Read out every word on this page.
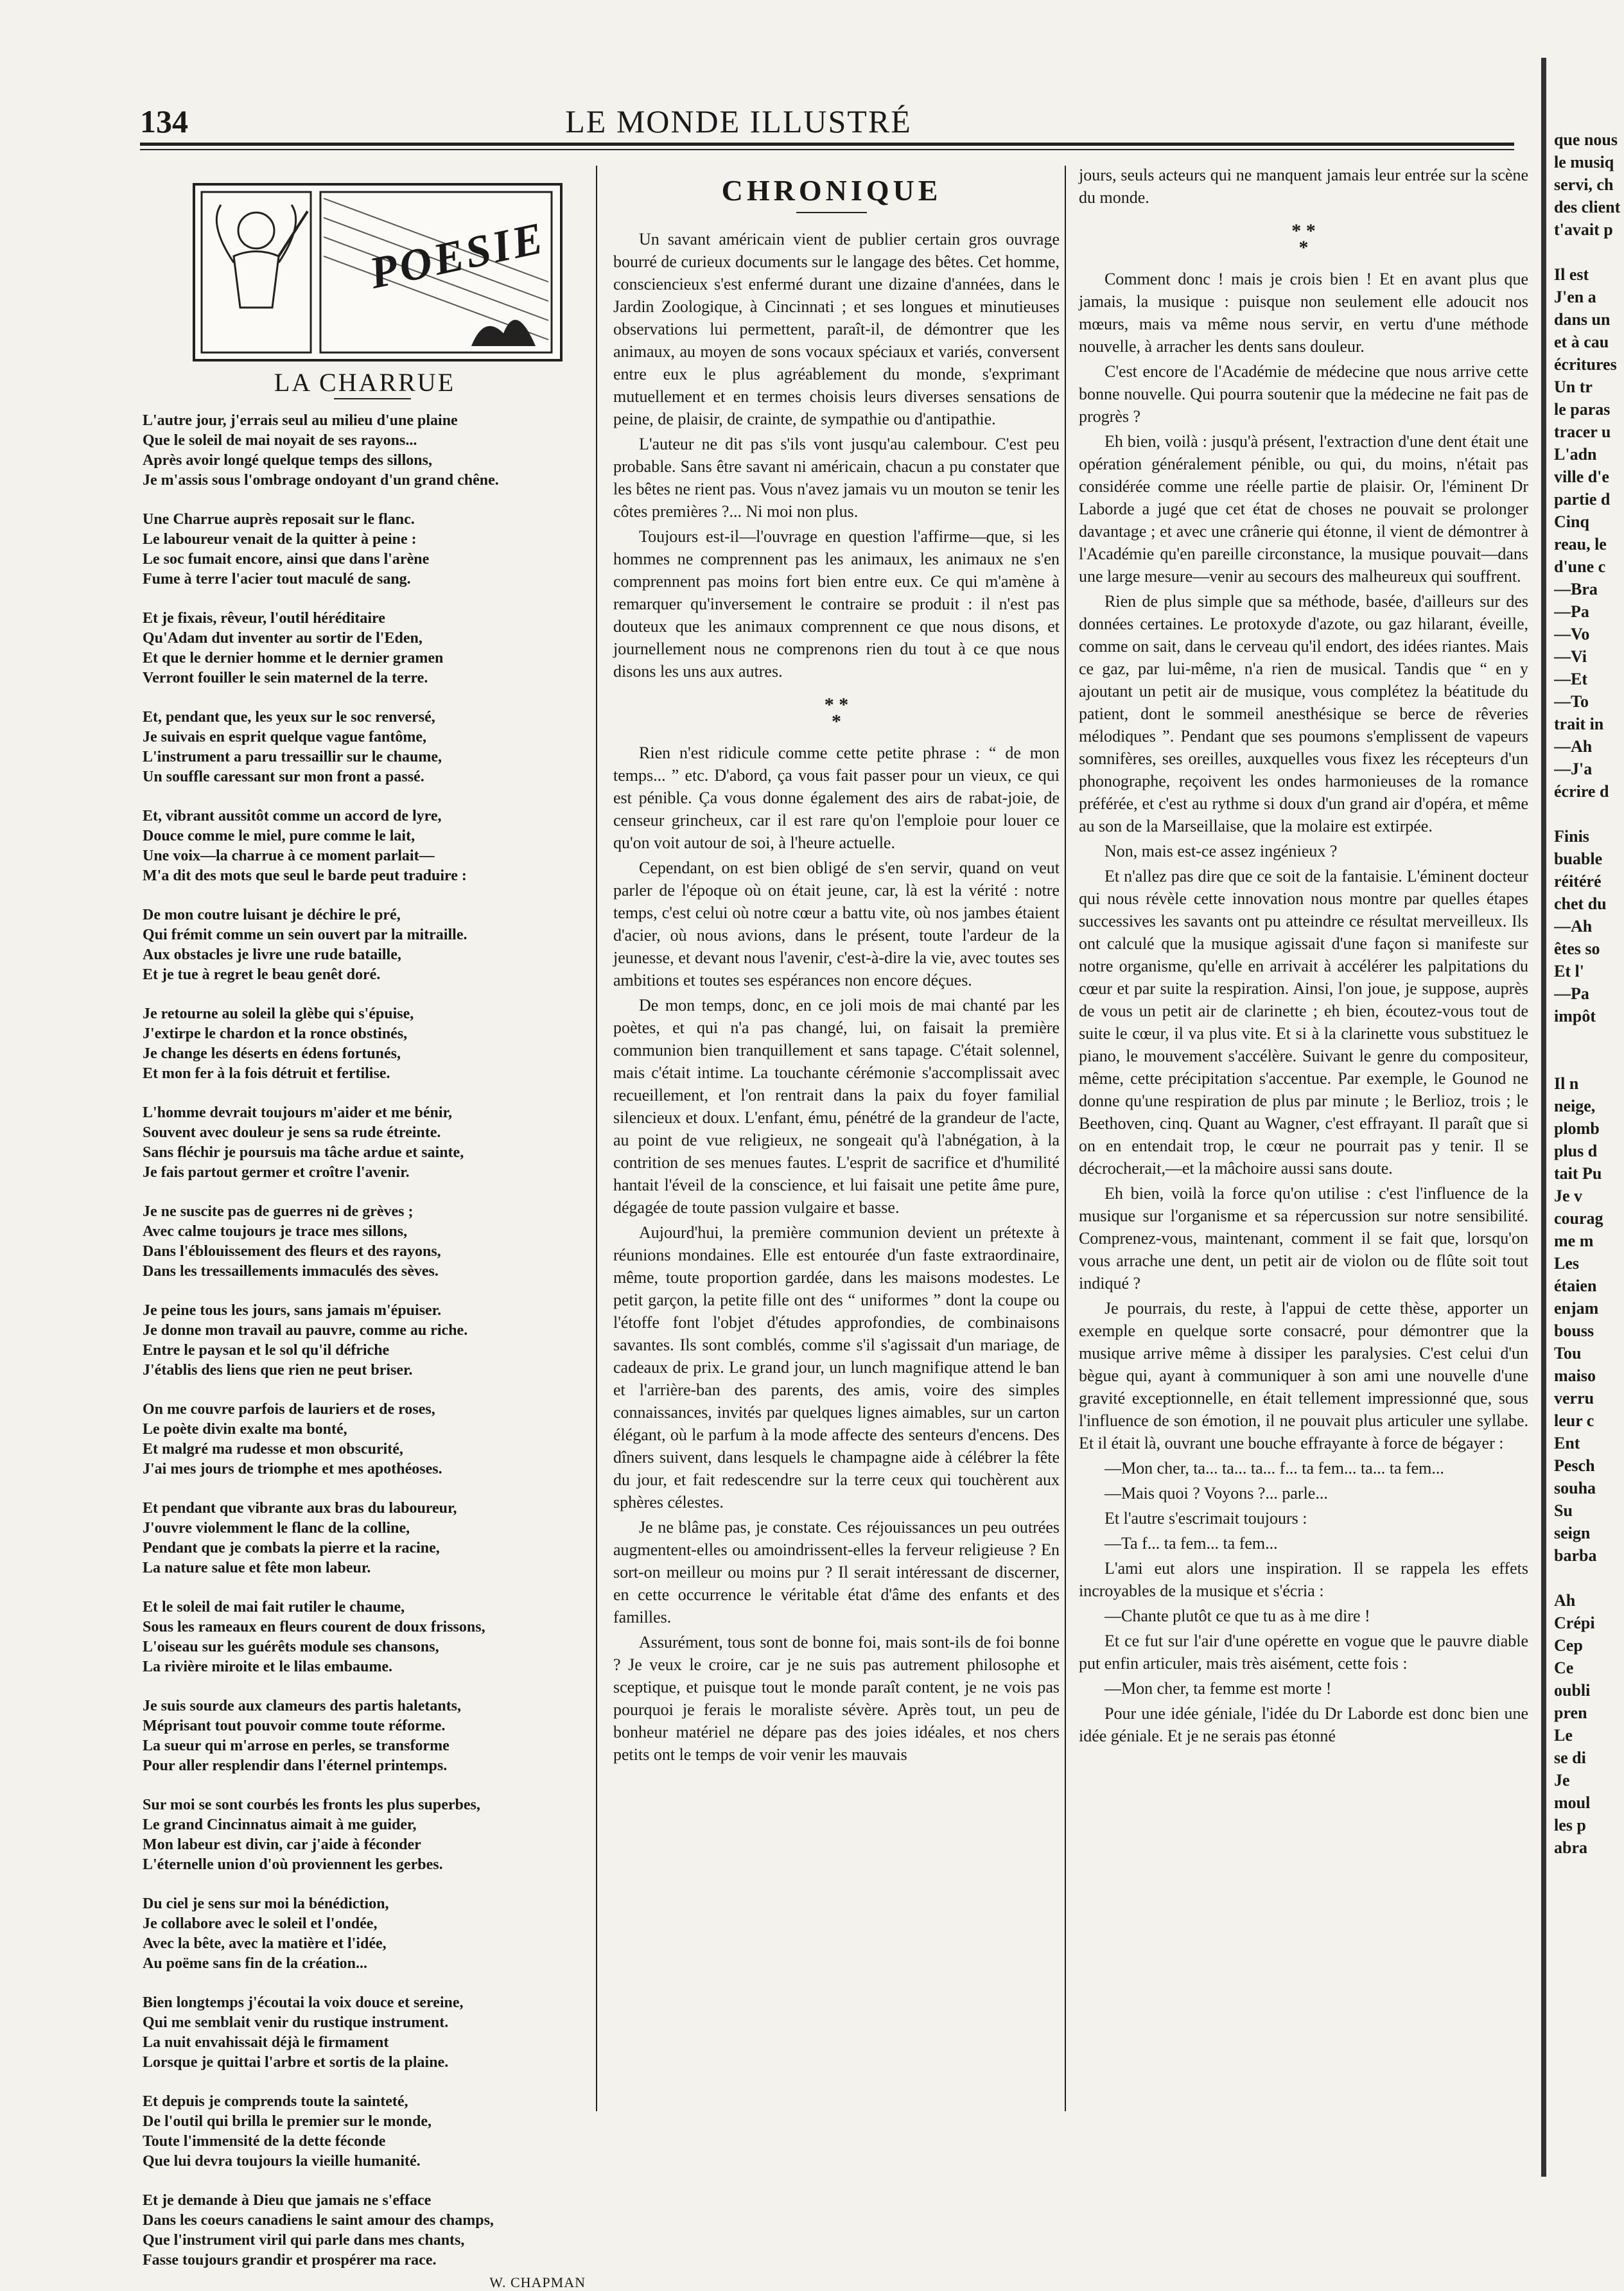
134	LE MONDE ILLUSTRÉ
POESIE
LA CHARRUE
L'autre jour, j'errais seul au milieu d'une plaine
Que le soleil de mai noyait de ses rayons...
Après avoir longé quelque temps des sillons,
Je m'assis sous l'ombrage ondoyant d'un grand chêne.
Une Charrue auprès reposait sur le flanc.
Le laboureur venait de la quitter à peine :
Le soc fumait encore, ainsi que dans l'arène
Fume à terre l'acier tout maculé de sang.
Et je fixais, rêveur, l'outil héréditaire
Qu'Adam dut inventer au sortir de l'Eden,
Et que le dernier homme et le dernier gramen
Verront fouiller le sein maternel de la terre.
Et, pendant que, les yeux sur le soc renversé,
Je suivais en esprit quelque vague fantôme,
L'instrument a paru tressaillir sur le chaume,
Un souffle caressant sur mon front a passé.
Et, vibrant aussitôt comme un accord de lyre,
Douce comme le miel, pure comme le lait,
Une voix—la charrue à ce moment parlait—
M'a dit des mots que seul le barde peut traduire :
De mon coutre luisant je déchire le pré,
Qui frémit comme un sein ouvert par la mitraille.
Aux obstacles je livre une rude bataille,
Et je tue à regret le beau genêt doré.
Je retourne au soleil la glèbe qui s'épuise,
J'extirpe le chardon et la ronce obstinés,
Je change les déserts en édens fortunés,
Et mon fer à la fois détruit et fertilise.
L'homme devrait toujours m'aider et me bénir,
Souvent avec douleur je sens sa rude étreinte.
Sans fléchir je poursuis ma tâche ardue et sainte,
Je fais partout germer et croître l'avenir.
Je ne suscite pas de guerres ni de grèves ;
Avec calme toujours je trace mes sillons,
Dans l'éblouissement des fleurs et des rayons,
Dans les tressaillements immaculés des sèves.
Je peine tous les jours, sans jamais m'épuiser.
Je donne mon travail au pauvre, comme au riche.
Entre le paysan et le sol qu'il défriche
J'établis des liens que rien ne peut briser.
On me couvre parfois de lauriers et de roses,
Le poète divin exalte ma bonté,
Et malgré ma rudesse et mon obscurité,
J'ai mes jours de triomphe et mes apothéoses.
Et pendant que vibrante aux bras du laboureur,
J'ouvre violemment le flanc de la colline,
Pendant que je combats la pierre et la racine,
La nature salue et fête mon labeur.
Et le soleil de mai fait rutiler le chaume,
Sous les rameaux en fleurs courent de doux frissons,
L'oiseau sur les guérêts module ses chansons,
La rivière miroite et le lilas embaume.
Je suis sourde aux clameurs des partis haletants,
Méprisant tout pouvoir comme toute réforme.
La sueur qui m'arrose en perles, se transforme
Pour aller resplendir dans l'éternel printemps.
Sur moi se sont courbés les fronts les plus superbes,
Le grand Cincinnatus aimait à me guider,
Mon labeur est divin, car j'aide à féconder
L'éternelle union d'où proviennent les gerbes.
Du ciel je sens sur moi la bénédiction,
Je collabore avec le soleil et l'ondée,
Avec la bête, avec la matière et l'idée,
Au poëme sans fin de la création...
Bien longtemps j'écoutai la voix douce et sereine,
Qui me semblait venir du rustique instrument.
La nuit envahissait déjà le firmament
Lorsque je quittai l'arbre et sortis de la plaine.
Et depuis je comprends toute la sainteté,
De l'outil qui brilla le premier sur le monde,
Toute l'immensité de la dette féconde
Que lui devra toujours la vieille humanité.
Et je demande à Dieu que jamais ne s'efface
Dans les coeurs canadiens le saint amour des champs,
Que l'instrument viril qui parle dans mes chants,
Fasse toujours grandir et prospérer ma race.
W. CHAPMAN
CHRONIQUE

Un savant américain vient de publier certain gros ouvrage bourré de curieux documents sur le langage des bêtes. Cet homme, consciencieux s'est enfermé durant une dizaine d'années, dans le Jardin Zoologique, à Cincinnati ; et ses longues et minutieuses observations lui permettent, paraît-il, de démontrer que les animaux, au moyen de sons vocaux spéciaux et variés, conversent entre eux le plus agréablement du monde, s'exprimant mutuellement et en termes choisis leurs diverses sensations de peine, de plaisir, de crainte, de sympathie ou d'antipathie.

L'auteur ne dit pas s'ils vont jusqu'au calembour. C'est peu probable. Sans être savant ni américain, chacun a pu constater que les bêtes ne rient pas. Vous n'avez jamais vu un mouton se tenir les côtes premières ?... Ni moi non plus.

Toujours est-il—l'ouvrage en question l'affirme—que, si les hommes ne comprennent pas les animaux, les animaux ne s'en comprennent pas moins fort bien entre eux. Ce qui m'amène à remarquer qu'inversement le contraire se produit : il n'est pas douteux que les animaux comprennent ce que nous disons, et journellement nous ne comprenons rien du tout à ce que nous disons les uns aux autres.

* *
*

Rien n'est ridicule comme cette petite phrase : “ de mon temps... ” etc. D'abord, ça vous fait passer pour un vieux, ce qui est pénible. Ça vous donne également des airs de rabat-joie, de censeur grincheux, car il est rare qu'on l'emploie pour louer ce qu'on voit autour de soi, à l'heure actuelle.

Cependant, on est bien obligé de s'en servir, quand on veut parler de l'époque où on était jeune, car, là est la vérité : notre temps, c'est celui où notre cœur a battu vite, où nos jambes étaient d'acier, où nous avions, dans le présent, toute l'ardeur de la jeunesse, et devant nous l'avenir, c'est-à-dire la vie, avec toutes ses ambitions et toutes ses espérances non encore déçues.

De mon temps, donc, en ce joli mois de mai chanté par les poètes, et qui n'a pas changé, lui, on faisait la première communion bien tranquillement et sans tapage. C'était solennel, mais c'était intime. La touchante cérémonie s'accomplissait avec recueillement, et l'on rentrait dans la paix du foyer familial silencieux et doux. L'enfant, ému, pénétré de la grandeur de l'acte, au point de vue religieux, ne songeait qu'à l'abnégation, à la contrition de ses menues fautes. L'esprit de sacrifice et d'humilité hantait l'éveil de la conscience, et lui faisait une petite âme pure, dégagée de toute passion vulgaire et basse.

Aujourd'hui, la première communion devient un prétexte à réunions mondaines. Elle est entourée d'un faste extraordinaire, même, toute proportion gardée, dans les maisons modestes. Le petit garçon, la petite fille ont des “ uniformes ” dont la coupe ou l'étoffe font l'objet d'études approfondies, de combinaisons savantes. Ils sont comblés, comme s'il s'agissait d'un mariage, de cadeaux de prix. Le grand jour, un lunch magnifique attend le ban et l'arrière-ban des parents, des amis, voire des simples connaissances, invités par quelques lignes aimables, sur un carton élégant, où le parfum à la mode affecte des senteurs d'encens. Des dîners suivent, dans lesquels le champagne aide à célébrer la fête du jour, et fait redescendre sur la terre ceux qui touchèrent aux sphères célestes.

Je ne blâme pas, je constate. Ces réjouissances un peu outrées augmentent-elles ou amoindrissent-elles la ferveur religieuse ? En sort-on meilleur ou moins pur ? Il serait intéressant de discerner, en cette occurrence le véritable état d'âme des enfants et des familles.

Assurément, tous sont de bonne foi, mais sont-ils de foi bonne ? Je veux le croire, car je ne suis pas autrement philosophe et sceptique, et puisque tout le monde paraît content, je ne vois pas pourquoi je ferais le moraliste sévère. Après tout, un peu de bonheur matériel ne dépare pas des joies idéales, et nos chers petits ont le temps de voir venir les mauvais

jours, seuls acteurs qui ne manquent jamais leur entrée sur la scène du monde.

* *
*

Comment donc ! mais je crois bien ! Et en avant plus que jamais, la musique : puisque non seulement elle adoucit nos mœurs, mais va même nous servir, en vertu d'une méthode nouvelle, à arracher les dents sans douleur.

C'est encore de l'Académie de médecine que nous arrive cette bonne nouvelle. Qui pourra soutenir que la médecine ne fait pas de progrès ?

Eh bien, voilà : jusqu'à présent, l'extraction d'une dent était une opération généralement pénible, ou qui, du moins, n'était pas considérée comme une réelle partie de plaisir. Or, l'éminent Dr Laborde a jugé que cet état de choses ne pouvait se prolonger davantage ; et avec une crânerie qui étonne, il vient de démontrer à l'Académie qu'en pareille circonstance, la musique pouvait—dans une large mesure—venir au secours des malheureux qui souffrent.

Rien de plus simple que sa méthode, basée, d'ailleurs sur des données certaines. Le protoxyde d'azote, ou gaz hilarant, éveille, comme on sait, dans le cerveau qu'il endort, des idées riantes. Mais ce gaz, par lui-même, n'a rien de musical. Tandis que “ en y ajoutant un petit air de musique, vous complétez la béatitude du patient, dont le sommeil anesthésique se berce de rêveries mélodiques ”. Pendant que ses poumons s'emplissent de vapeurs somnifères, ses oreilles, auxquelles vous fixez les récepteurs d'un phonographe, reçoivent les ondes harmonieuses de la romance préférée, et c'est au rythme si doux d'un grand air d'opéra, et même au son de la Marseillaise, que la molaire est extirpée.

Non, mais est-ce assez ingénieux ?

Et n'allez pas dire que ce soit de la fantaisie. L'éminent docteur qui nous révèle cette innovation nous montre par quelles étapes successives les savants ont pu atteindre ce résultat merveilleux. Ils ont calculé que la musique agissait d'une façon si manifeste sur notre organisme, qu'elle en arrivait à accélérer les palpitations du cœur et par suite la respiration. Ainsi, l'on joue, je suppose, auprès de vous un petit air de clarinette ; eh bien, écoutez-vous tout de suite le cœur, il va plus vite. Et si à la clarinette vous substituez le piano, le mouvement s'accélère. Suivant le genre du compositeur, même, cette précipitation s'accentue. Par exemple, le Gounod ne donne qu'une respiration de plus par minute ; le Berlioz, trois ; le Beethoven, cinq. Quant au Wagner, c'est effrayant. Il paraît que si on en entendait trop, le cœur ne pourrait pas y tenir. Il se décrocherait,—et la mâchoire aussi sans doute.

Eh bien, voilà la force qu'on utilise : c'est l'influence de la musique sur l'organisme et sa répercussion sur notre sensibilité. Comprenez-vous, maintenant, comment il se fait que, lorsqu'on vous arrache une dent, un petit air de violon ou de flûte soit tout indiqué ?

Je pourrais, du reste, à l'appui de cette thèse, apporter un exemple en quelque sorte consacré, pour démontrer que la musique arrive même à dissiper les paralysies. C'est celui d'un bègue qui, ayant à communiquer à son ami une nouvelle d'une gravité exceptionnelle, en était tellement impressionné que, sous l'influence de son émotion, il ne pouvait plus articuler une syllabe. Et il était là, ouvrant une bouche effrayante à force de bégayer :

—Mon cher, ta... ta... ta... f... ta fem... ta... ta fem...

—Mais quoi ? Voyons ?... parle...

Et l'autre s'escrimait toujours :

—Ta f... ta fem... ta fem...

L'ami eut alors une inspiration. Il se rappela les effets incroyables de la musique et s'écria :

—Chante plutôt ce que tu as à me dire !

Et ce fut sur l'air d'une opérette en vogue que le pauvre diable put enfin articuler, mais très aisément, cette fois :

—Mon cher, ta femme est morte !

Pour une idée géniale, l'idée du Dr Laborde est donc bien une idée géniale. Et je ne serais pas étonné

que nous
le musiq
servi, ch
des client
t'avait p

Il est
J'en a
dans un
et à cau
écritures
Un tr
le paras
tracer u
L'adn
ville d'e
partie d
Cinq
reau, le
d'une c
—Bra
—Pa
—Vo
—Vi
—Et
—To
trait in
—Ah
—J'a
écrire d

Finis
buable
réitéré
chet du
—Ah
êtes so
Et l'
—Pa
impôt

Il n
neige,
plomb
plus d
tait Pu
Je v
courag
me m
Les
étaien
enjam
bouss
Tou
maiso
verru
leur c
Ent
Pesch
souha
Su
seign
barba

Ah
Crépi
Cep
Ce
oubli
pren
Le
se di
Je
moul
les p
abra
